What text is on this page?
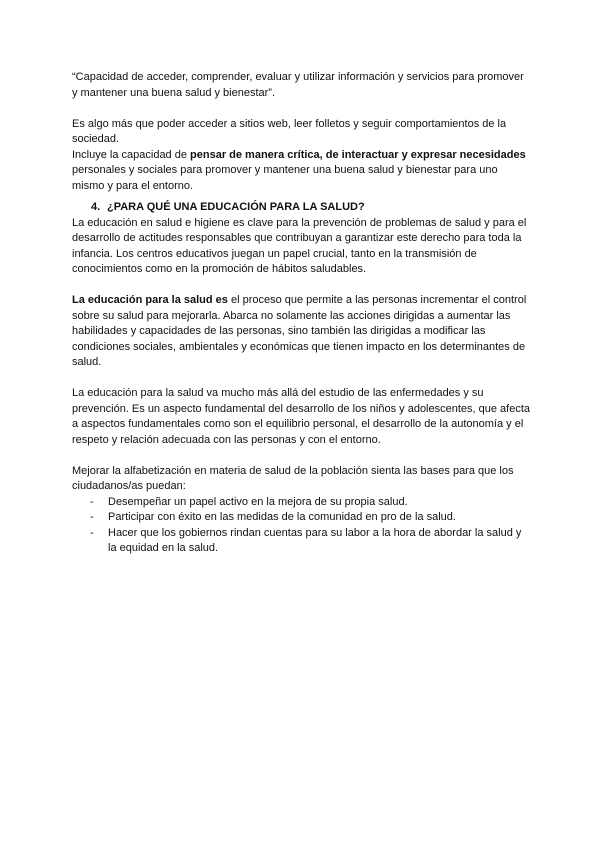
“Capacidad de acceder, comprender, evaluar y utilizar información y servicios para promover y mantener una buena salud y bienestar”.

Es algo más que poder acceder a sitios web, leer folletos y seguir comportamientos de la sociedad.

Incluye la capacidad de pensar de manera crítica, de interactuar y expresar necesidades personales y sociales para promover y mantener una buena salud y bienestar para uno mismo y para el entorno.

4. ¿PARA QUÉ UNA EDUCACIÓN PARA LA SALUD?

La educación en salud e higiene es clave para la prevención de problemas de salud y para el desarrollo de actitudes responsables que contribuyan a garantizar este derecho para toda la infancia. Los centros educativos juegan un papel crucial, tanto en la transmisión de conocimientos como en la promoción de hábitos saludables.

La educación para la salud es el proceso que permite a las personas incrementar el control sobre su salud para mejorarla. Abarca no solamente las acciones dirigidas a aumentar las habilidades y capacidades de las personas, sino también las dirigidas a modificar las condiciones sociales, ambientales y económicas que tienen impacto en los determinantes de salud.

La educación para la salud va mucho más allá del estudio de las enfermedades y su prevención. Es un aspecto fundamental del desarrollo de los niños y adolescentes, que afecta a aspectos fundamentales como son el equilibrio personal, el desarrollo de la autonomía y el respeto y relación adecuada con las personas y con el entorno.

Mejorar la alfabetización en materia de salud de la población sienta las bases para que los ciudadanos/as puedan:

- Desempeñar un papel activo en la mejora de su propia salud.
- Participar con éxito en las medidas de la comunidad en pro de la salud.
- Hacer que los gobiernos rindan cuentas para su labor a la hora de abordar la salud y la equidad en la salud.
